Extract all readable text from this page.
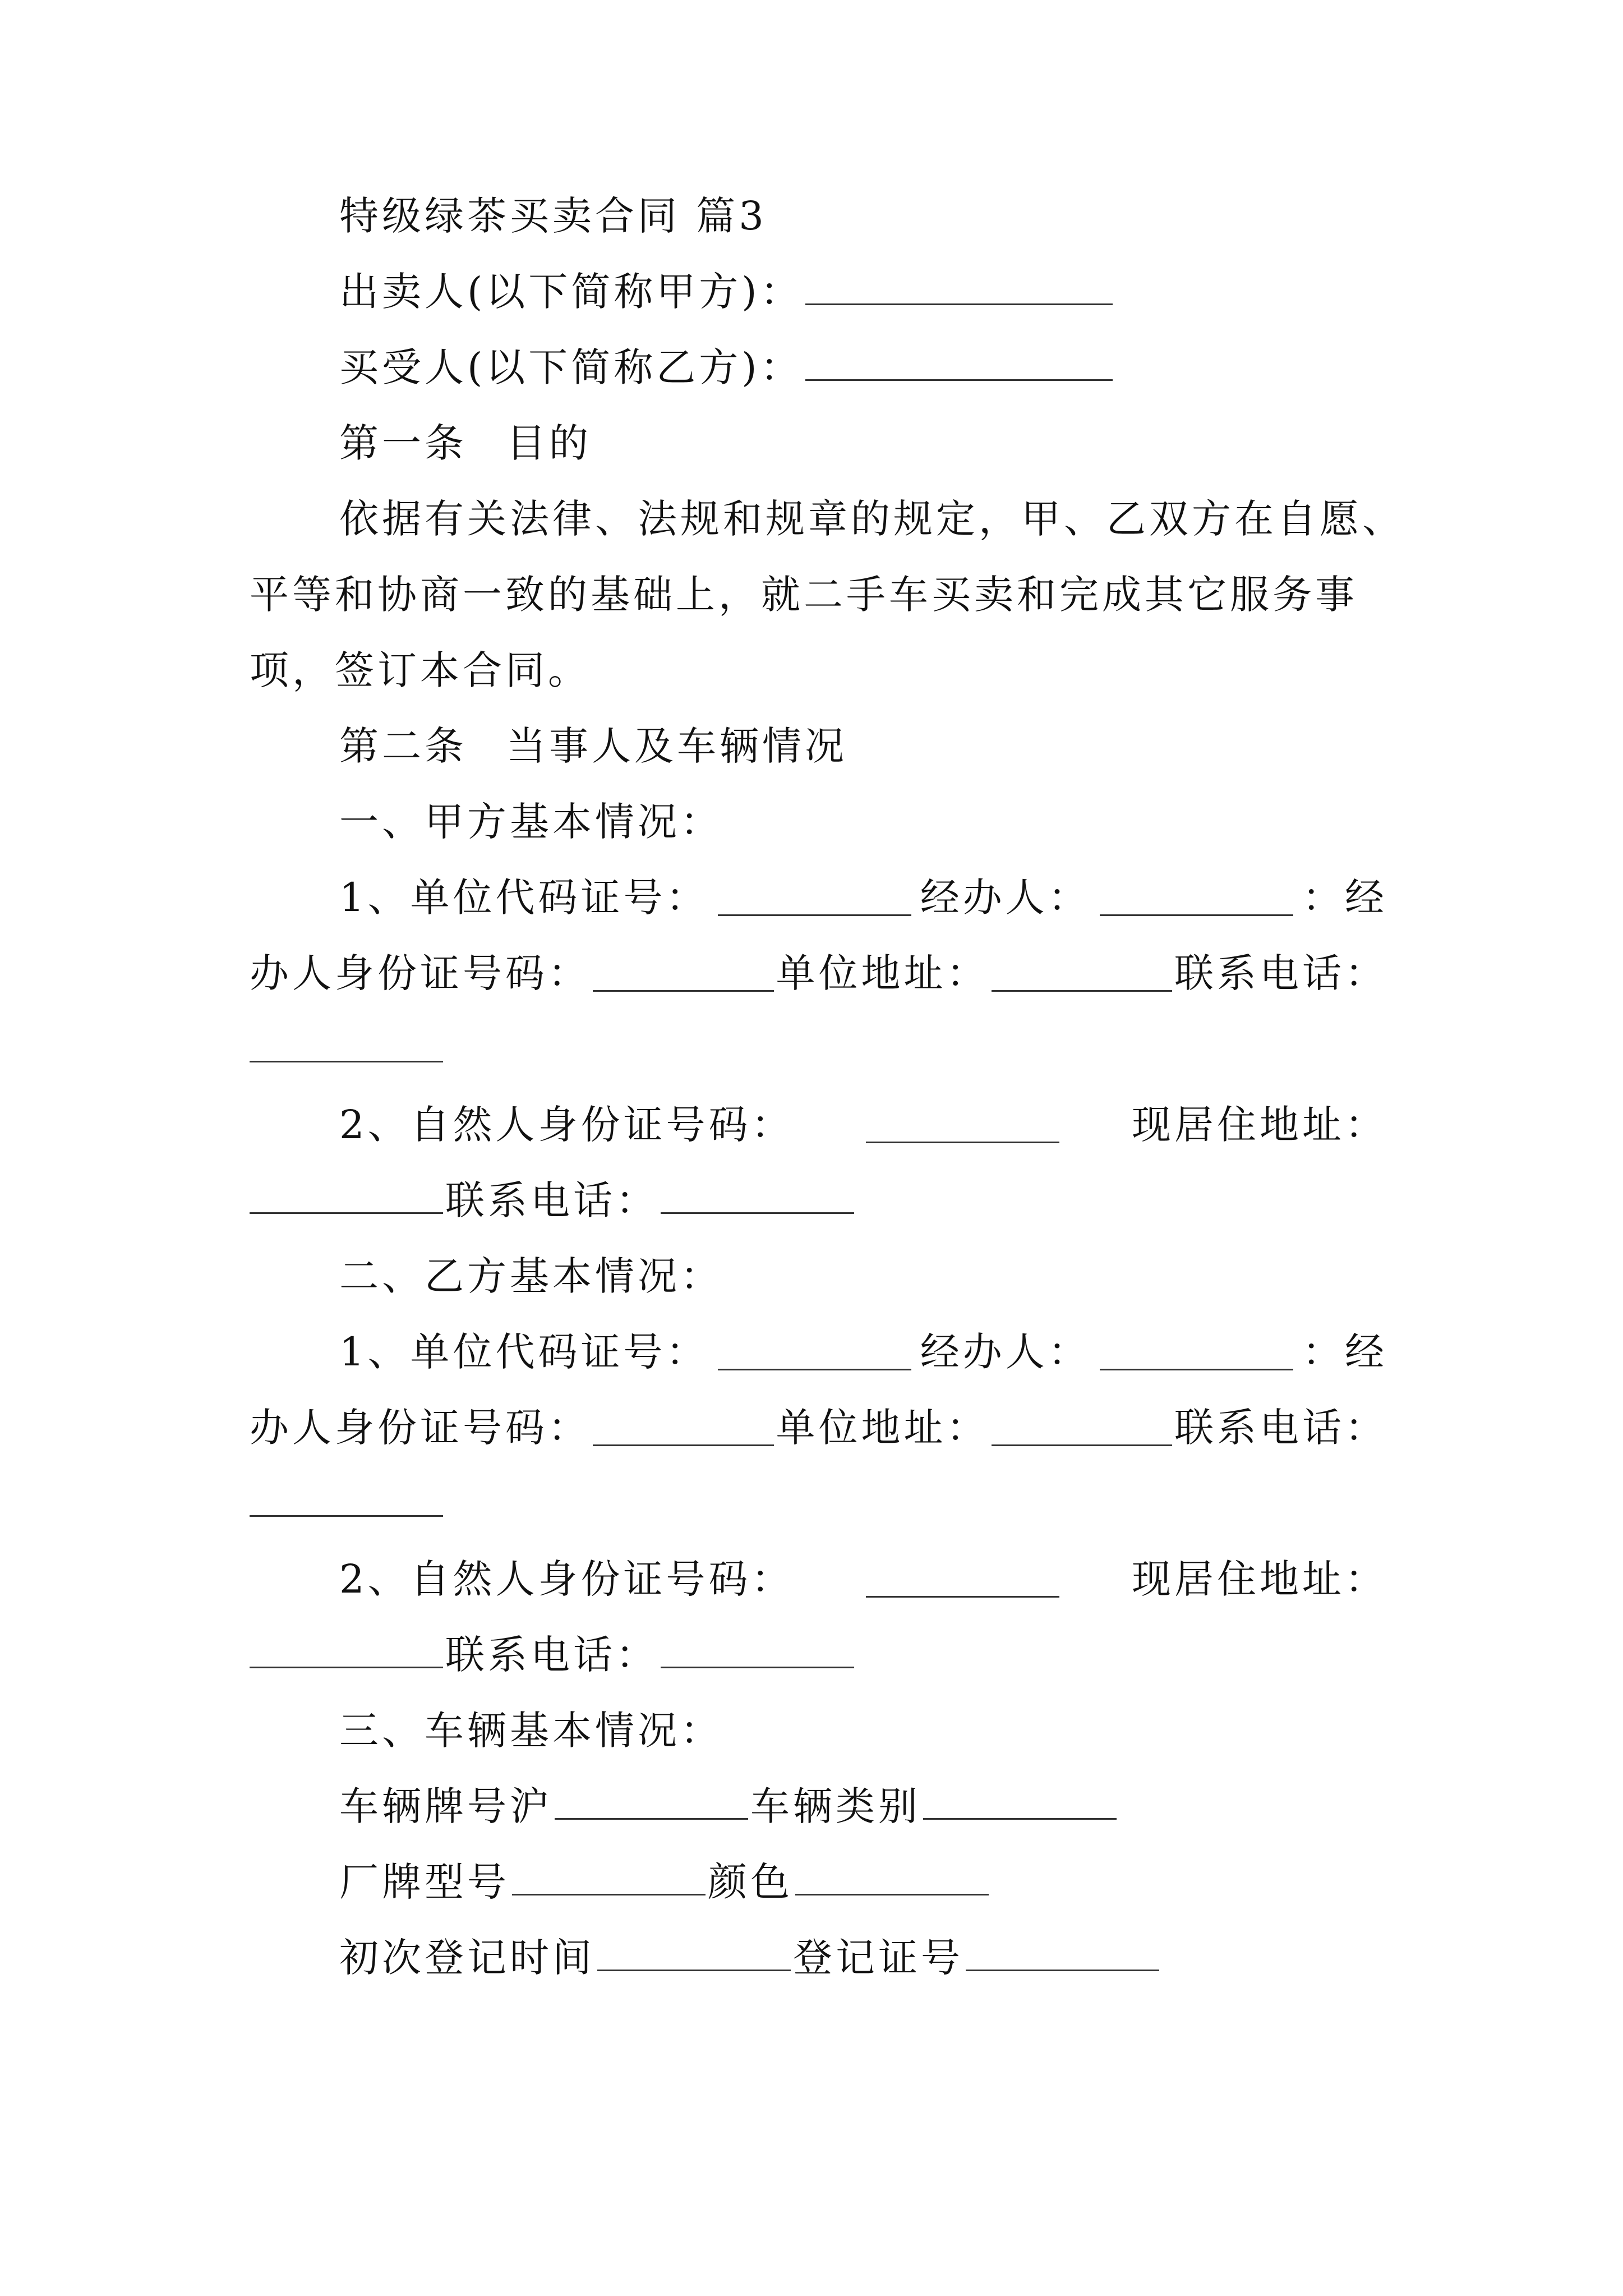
特级绿茶买卖合同 篇3
出卖人(以下简称甲方)：
买受人(以下简称乙方)：
第一条 目的
依据有关法律、法规和规章的规定，甲、乙双方在自愿、
平等和协商一致的基础上，就二手车买卖和完成其它服务事
项，签订本合同。
第二条 当事人及车辆情况
一、甲方基本情况：
1、单位代码证号：	经办人：	：经
办人身份证号码：	单位地址：	联系电话：
2、自然人身份证号码：	现居住地址：
联系电话：
二、乙方基本情况：
1、单位代码证号：	经办人：	：经
办人身份证号码：	单位地址：	联系电话：
2、自然人身份证号码：	现居住地址：
联系电话：
三、车辆基本情况：
车辆牌号沪	车辆类别
厂牌型号	颜色
初次登记时间	登记证号
